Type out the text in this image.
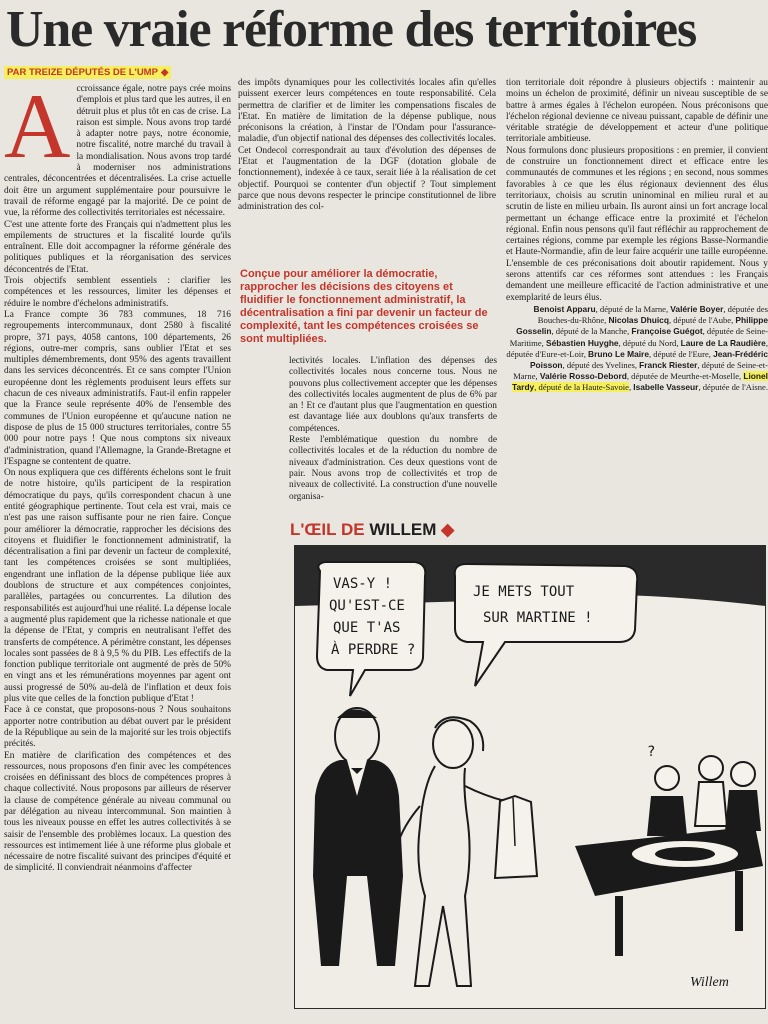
Une vraie réforme des territoires
PAR TREIZE DÉPUTÉS DE L'UMP ◆
A ccroissance égale, notre pays crée moins d'emplois et plus tard que les autres, il en détruit plus et plus tôt en cas de crise. La raison est simple. Nous avons trop tardé à adapter notre pays, notre économie, notre fiscalité, notre marché du travail à la mondialisation. Nous avons trop tardé à moderniser nos administrations centrales, déconcentrées et décentralisées. La crise actuelle doit être un argument supplémentaire pour poursuivre le travail de réforme engagé par la majorité. De ce point de vue, la réforme des collectivités territoriales est nécessaire.

C'est une attente forte des Français qui n'admettent plus les empilements de structures et la fiscalité lourde qu'ils entraînent. Elle doit accompagner la réforme générale des politiques publiques et la réorganisation des services déconcentrés de l'Etat.

Trois objectifs semblent essentiels : clarifier les compétences et les ressources, limiter les dépenses et réduire le nombre d'échelons administratifs.

La France compte 36 783 communes, 18 716 regroupements intercommunaux, dont 2580 à fiscalité propre, 371 pays, 4058 cantons, 100 départements, 26 régions, outre-mer compris, sans oublier l'Etat et ses multiples démembrements, dont 95% des agents travaillent dans les services déconcentrés. Et ce sans compter l'Union européenne dont les règlements produisent leurs effets sur chacun de ces niveaux administratifs. Faut-il enfin rappeler que la France seule représente 40% de l'ensemble des communes de l'Union européenne et qu'aucune nation ne dispose de plus de 15 000 structures territoriales, contre 55 000 pour notre pays ! Que nous comptons six niveaux d'administration, quand l'Allemagne, la Grande-Bretagne et l'Espagne se contentent de quatre.

On nous expliquera que ces différents échelons sont le fruit de notre histoire, qu'ils participent de la respiration démocratique du pays, qu'ils correspondent chacun à une entité géographique pertinente. Tout cela est vrai, mais ce n'est pas une raison suffisante pour ne rien faire. Conçue pour améliorer la démocratie, rapprocher les décisions des citoyens et fluidifier le fonctionnement administratif, la décentralisation a fini par devenir un facteur de complexité, tant les compétences croisées se sont multipliées, engendrant une inflation de la dépense publique liée aux doublons de structure et aux compétences conjointes, parallèles, partagées ou concurrentes. La dilution des responsabilités est aujourd'hui une réalité. La dépense locale a augmenté plus rapidement que la richesse nationale et que la dépense de l'Etat, y compris en neutralisant l'effet des transferts de compétence. A périmètre constant, les dépenses locales sont passées de 8 à 9,5 % du PIB. Les effectifs de la fonction publique territoriale ont augmenté de près de 50% en vingt ans et les rémunérations moyennes par agent ont aussi progressé de 50% au-delà de l'inflation et deux fois plus vite que celles de la fonction publique d'Etat !

Face à ce constat, que proposons-nous ? Nous souhaitons apporter notre contribution au débat ouvert par le président de la République au sein de la majorité sur les trois objectifs précités.

En matière de clarification des compétences et des ressources, nous proposons d'en finir avec les compétences croisées en définissant des blocs de compétences propres à chaque collectivité. Nous proposons par ailleurs de réserver la clause de compétence générale au niveau communal ou par délégation au niveau intercommunal. Son maintien à tous les niveaux pousse en effet les autres collectivités à se saisir de l'ensemble des problèmes locaux. La question des ressources est intimement liée à une réforme plus globale et nécessaire de notre fiscalité suivant des principes d'équité et de simplicité. Il conviendrait néanmoins d'affecter

des impôts dynamiques pour les collectivités locales afin qu'elles puissent exercer leurs compétences en toute responsabilité. Cela permettra de clarifier et de limiter les compensations fiscales de l'Etat. En matière de limitation de la dépense publique, nous préconisons la création, à l'instar de l'Ondam pour l'assurance-maladie, d'un objectif national des dépenses des collectivités locales. Cet Ondecol correspondrait au taux d'évolution des dépenses de l'Etat et l'augmentation de la DGF (dotation globale de fonctionnement), indexée à ce taux, serait liée à la réalisation de cet objectif. Pourquoi se contenter d'un objectif ? Tout simplement parce que nous devons respecter le principe constitutionnel de libre administration des col-

Conçue pour améliorer la démocratie, rapprocher les décisions des citoyens et fluidifier le fonctionnement administratif, la décentralisation a fini par devenir un facteur de complexité, tant les compétences croisées se sont multipliées.

lectivités locales. L'inflation des dépenses des collectivités locales nous concerne tous. Nous ne pouvons plus collectivement accepter que les dépenses des collectivités locales augmentent de plus de 6% par an ! Et ce d'autant plus que l'augmentation en question est davantage liée aux doublons qu'aux transferts de compétences.

Reste l'emblématique question du nombre de collectivités locales et de la réduction du nombre de niveaux d'administration. Ces deux questions vont de pair. Nous avons trop de collectivités et trop de niveaux de collectivité. La construction d'une nouvelle organisa-

tion territoriale doit répondre à plusieurs objectifs : maintenir au moins un échelon de proximité, définir un niveau susceptible de se battre à armes égales à l'échelon européen. Nous préconisons que l'échelon régional devienne ce niveau puissant, capable de définir une véritable stratégie de développement et acteur d'une politique territoriale ambitieuse.

Nous formulons donc plusieurs propositions : en premier, il convient de construire un fonctionnement direct et efficace entre les communautés de communes et les régions ; en second, nous sommes favorables à ce que les élus régionaux deviennent des élus territoriaux, choisis au scrutin uninominal en milieu rural et au scrutin de liste en milieu urbain. Ils auront ainsi un fort ancrage local permettant un échange efficace entre la proximité et l'échelon régional. Enfin nous pensons qu'il faut réfléchir au rapprochement de certaines régions, comme par exemple les régions Basse-Normandie et Haute-Normandie, afin de leur faire acquérir une taille européenne. L'ensemble de ces préconisations doit aboutir rapidement. Nous y serons attentifs car ces réformes sont attendues : les Français demandent une meilleure efficacité de l'action administrative et une exemplarité de leurs élus.

Benoist Apparu, député de la Marne, Valérie Boyer, députée des Bouches-du-Rhône, Nicolas Dhuicq, député de l'Aube, Philippe Gosselin, député de la Manche, Françoise Guégot, députée de Seine-Maritime, Sébastien Huyghe, député du Nord, Laure de La Raudière, députée d'Eure-et-Loir, Bruno Le Maire, député de l'Eure, Jean-Frédéric Poisson, député des Yvelines, Franck Riester, député de Seine-et-Marne, Valérie Rosso-Debord, députée de Meurthe-et-Moselle, Lionel Tardy, député de la Haute-Savoie, Isabelle Vasseur, députée de l'Aisne.

L'ŒIL DE WILLEM ◆
VAS-Y !
QU'EST-CE
QUE T'AS
À PERDRE ?
JE METS TOUT
SUR MARTINE !
?
Willem
